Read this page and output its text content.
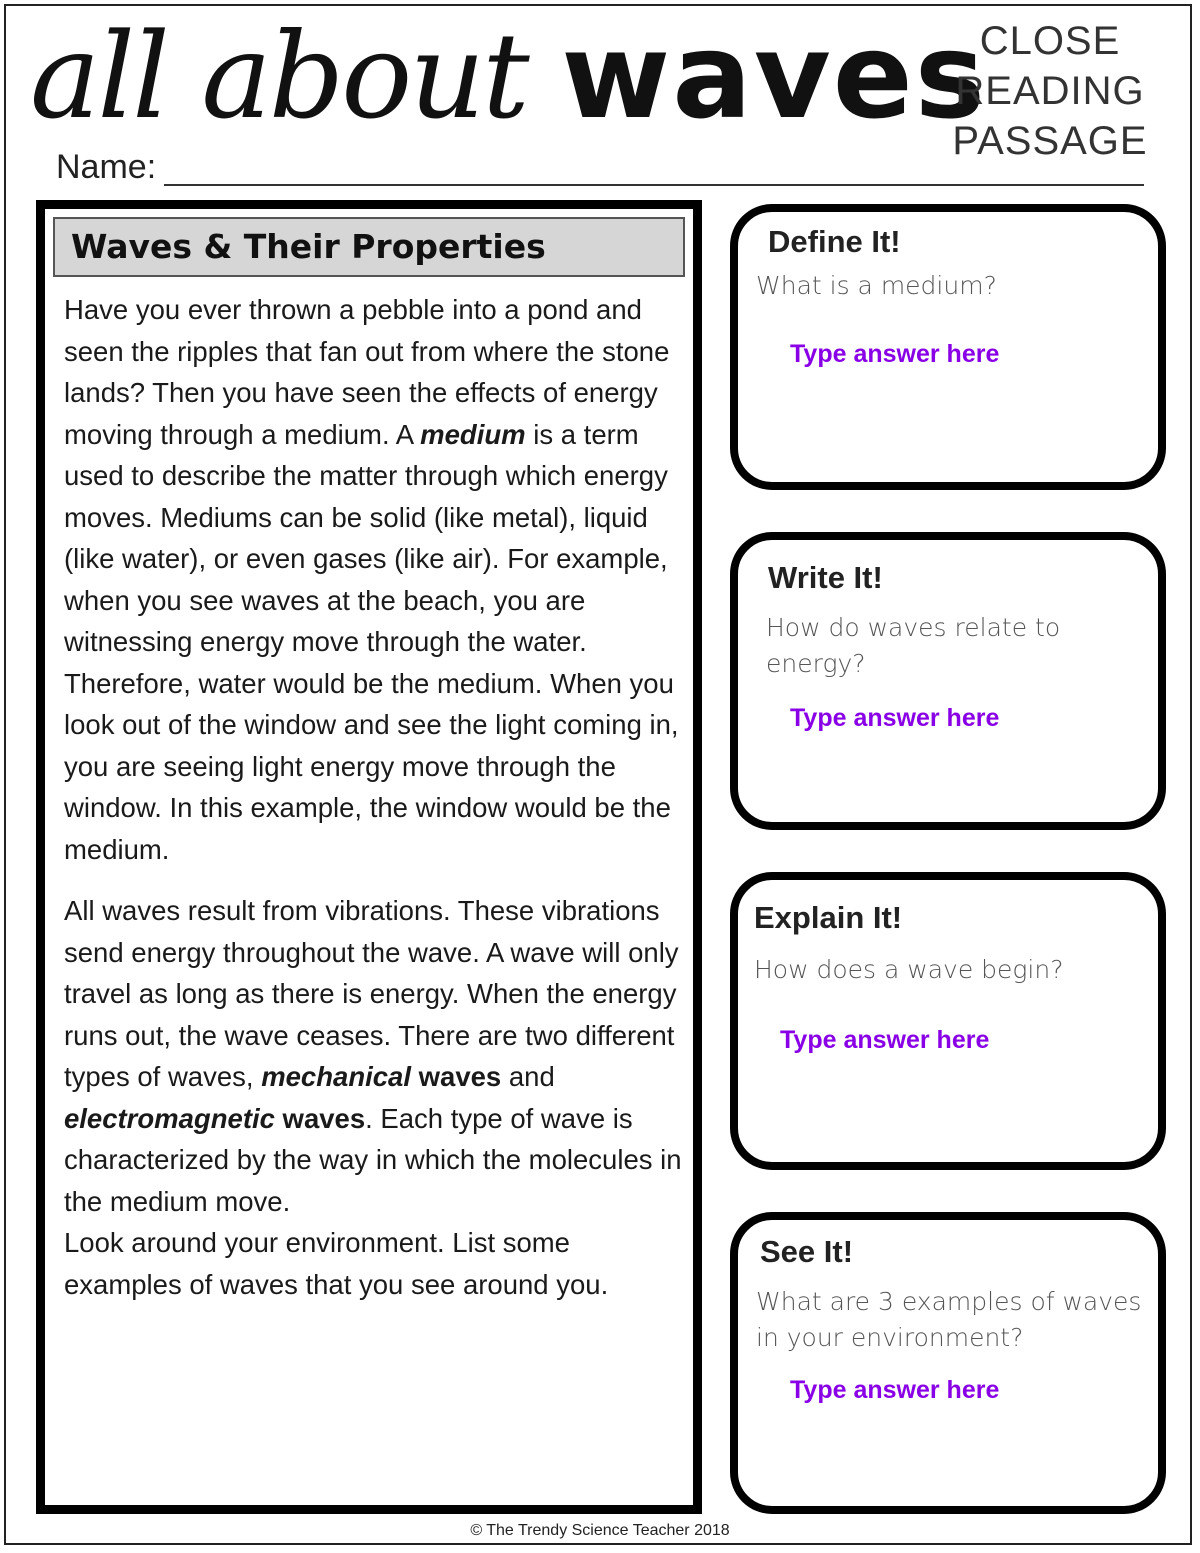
all about waves
CLOSE
READING
PASSAGE
Name:
Waves & Their Properties

Have you ever thrown a pebble into a pond and seen the ripples that fan out from where the stone lands? Then you have seen the effects of energy moving through a medium. A medium is a term used to describe the matter through which energy moves. Mediums can be solid (like metal), liquid (like water), or even gases (like air). For example, when you see waves at the beach, you are witnessing energy move through the water. Therefore, water would be the medium. When you look out of the window and see the light coming in, you are seeing light energy move through the window. In this example, the window would be the medium.

All waves result from vibrations. These vibrations send energy throughout the wave. A wave will only travel as long as there is energy. When the energy runs out, the wave ceases. There are two different types of waves, mechanical waves and electromagnetic waves. Each type of wave is characterized by the way in which the molecules in the medium move.
Look around your environment. List some examples of waves that you see around you.

Define It!
What is a medium?
Type answer here
Write It!
How do waves relate to energy?
Type answer here
Explain It!
How does a wave begin?
Type answer here
See It!
What are 3 examples of waves in your environment?
Type answer here
© The Trendy Science Teacher 2018
